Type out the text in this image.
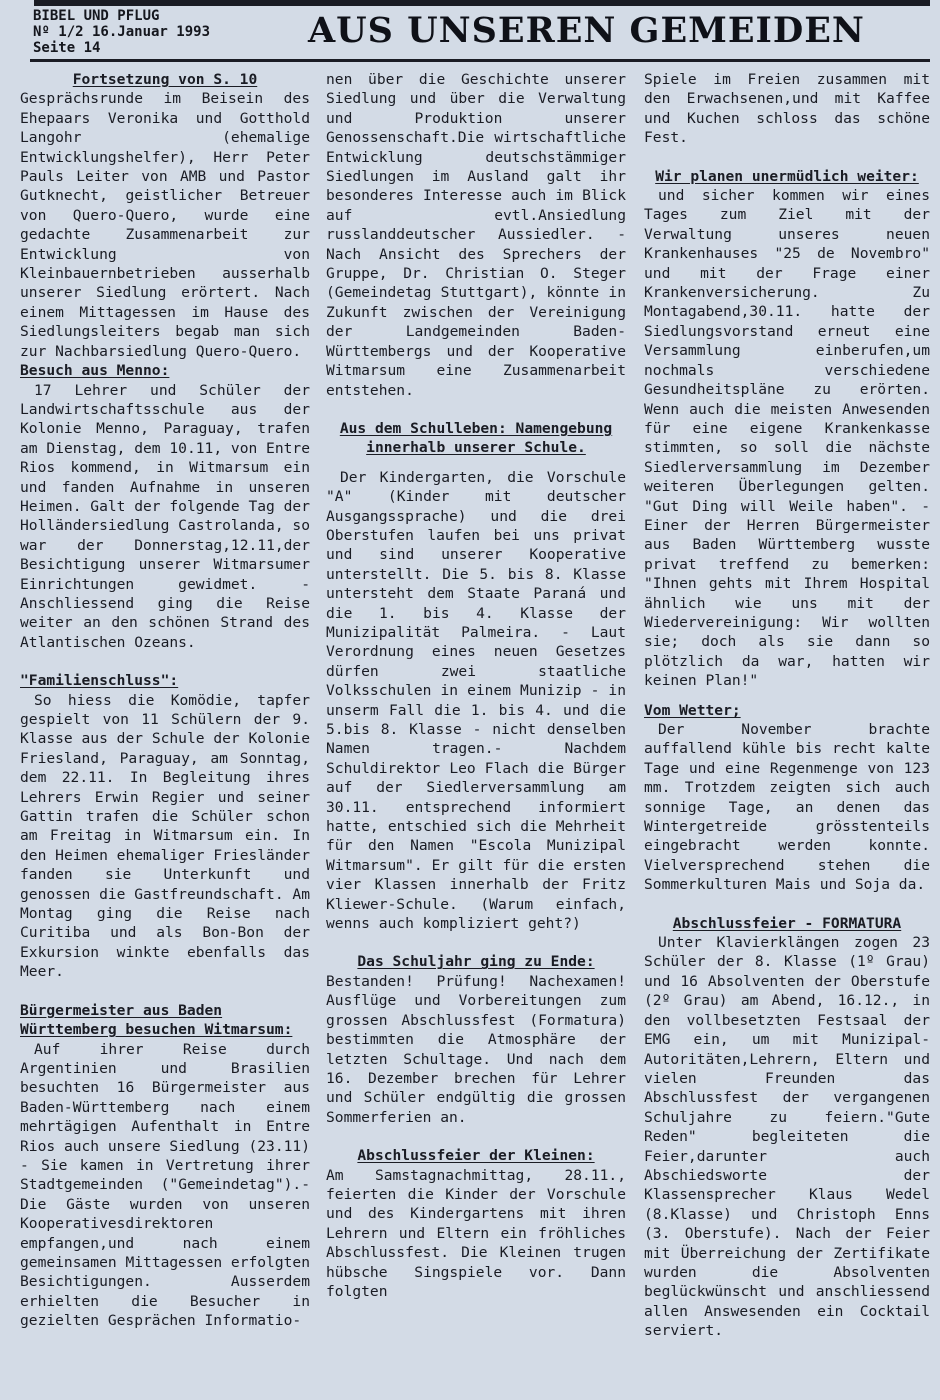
BIBEL UND PFLUG
Nº 1/2 16.Januar 1993
Seite 14	AUS UNSEREN GEMEIDEN
Fortsetzung von S. 10

Gesprächsrunde im Beisein des Ehepaars Veronika und Gotthold Langohr (ehemalige Entwicklungshelfer), Herr Peter Pauls Leiter von AMB und Pastor Gutknecht, geistlicher Betreuer von Quero-Quero, wurde eine gedachte Zusammenarbeit zur Entwicklung von Kleinbauernbetrieben ausserhalb unserer Siedlung erörtert. Nach einem Mittagessen im Hause des Siedlungsleiters begab man sich zur Nachbarsiedlung Quero-Quero.

Besuch aus Menno:

17 Lehrer und Schüler der Landwirtschaftsschule aus der Kolonie Menno, Paraguay, trafen am Dienstag, dem 10.11, von Entre Rios kommend, in Witmarsum ein und fanden Aufnahme in unseren Heimen. Galt der folgende Tag der Holländersiedlung Castrolanda, so war der Donnerstag,12.11,der Besichtigung unserer Witmarsumer Einrichtungen gewidmet. - Anschliessend ging die Reise weiter an den schönen Strand des Atlantischen Ozeans.

"Familienschluss":

So hiess die Komödie, tapfer gespielt von 11 Schülern der 9. Klasse aus der Schule der Kolonie Friesland, Paraguay, am Sonntag, dem 22.11. In Begleitung ihres Lehrers Erwin Regier und seiner Gattin trafen die Schüler schon am Freitag in Witmarsum ein. In den Heimen ehemaliger Friesländer fanden sie Unterkunft und genossen die Gastfreundschaft. Am Montag ging die Reise nach Curitiba und als Bon-Bon der Exkursion winkte ebenfalls das Meer.

Bürgermeister aus Baden Württemberg besuchen Witmarsum:

Auf ihrer Reise durch Argentinien und Brasilien besuchten 16 Bürgermeister aus Baden-Württemberg nach einem mehrtägigen Aufenthalt in Entre Rios auch unsere Siedlung (23.11) - Sie kamen in Vertretung ihrer Stadtgemeinden ("Gemeindetag").- Die Gäste wurden von unseren Kooperativesdirektoren empfangen,und nach einem gemeinsamen Mittagessen erfolgten Besichtigungen. Ausserdem erhielten die Besucher in gezielten Gesprächen Informatio-

nen über die Geschichte unserer Siedlung und über die Verwaltung und Produktion unserer Genossenschaft.Die wirtschaftliche Entwicklung deutschstämmiger Siedlungen im Ausland galt ihr besonderes Interesse auch im Blick auf evtl.Ansiedlung russlanddeutscher Aussiedler. - Nach Ansicht des Sprechers der Gruppe, Dr. Christian O. Steger (Gemeindetag Stuttgart), könnte in Zukunft zwischen der Vereinigung der Landgemeinden Baden-Württembergs und der Kooperative Witmarsum eine Zusammenarbeit entstehen.

Aus dem Schulleben: Namengebung innerhalb unserer Schule.

Der Kindergarten, die Vorschule "A" (Kinder mit deutscher Ausgangssprache) und die drei Oberstufen laufen bei uns privat und sind unserer Kooperative unterstellt. Die 5. bis 8. Klasse untersteht dem Staate Paraná und die 1. bis 4. Klasse der Munizipalität Palmeira. - Laut Verordnung eines neuen Gesetzes dürfen zwei staatliche Volksschulen in einem Munizip - in unserm Fall die 1. bis 4. und die 5.bis 8. Klasse - nicht denselben Namen tragen.- Nachdem Schuldirektor Leo Flach die Bürger auf der Siedlerversammlung am 30.11. entsprechend informiert hatte, entschied sich die Mehrheit für den Namen "Escola Munizipal Witmarsum". Er gilt für die ersten vier Klassen innerhalb der Fritz Kliewer-Schule. (Warum einfach, wenns auch kompliziert geht?)

Das Schuljahr ging zu Ende:

Bestanden! Prüfung! Nachexamen! Ausflüge und Vorbereitungen zum grossen Abschlussfest (Formatura) bestimmten die Atmosphäre der letzten Schultage. Und nach dem 16. Dezember brechen für Lehrer und Schüler endgültig die grossen Sommerferien an.

Abschlussfeier der Kleinen:

Am Samstagnachmittag, 28.11., feierten die Kinder der Vorschule und des Kindergartens mit ihren Lehrern und Eltern ein fröhliches Abschlussfest. Die Kleinen trugen hübsche Singspiele vor. Dann folgten

Spiele im Freien zusammen mit den Erwachsenen,und mit Kaffee und Kuchen schloss das schöne Fest.

Wir planen unermüdlich weiter:

und sicher kommen wir eines Tages zum Ziel mit der Verwaltung unseres neuen Krankenhauses "25 de Novembro" und mit der Frage einer Krankenversicherung. Zu Montagabend,30.11. hatte der Siedlungsvorstand erneut eine Versammlung einberufen,um nochmals verschiedene Gesundheitspläne zu erörten. Wenn auch die meisten Anwesenden für eine eigene Krankenkasse stimmten, so soll die nächste Siedlerversammlung im Dezember weiteren Überlegungen gelten. "Gut Ding will Weile haben". - Einer der Herren Bürgermeister aus Baden Württemberg wusste privat treffend zu bemerken: "Ihnen gehts mit Ihrem Hospital ähnlich wie uns mit der Wiedervereinigung: Wir wollten sie; doch als sie dann so plötzlich da war, hatten wir keinen Plan!"

Vom Wetter;

Der November brachte auffallend kühle bis recht kalte Tage und eine Regenmenge von 123 mm. Trotzdem zeigten sich auch sonnige Tage, an denen das Wintergetreide grösstenteils eingebracht werden konnte. Vielversprechend stehen die Sommerkulturen Mais und Soja da.

Abschlussfeier - FORMATURA

Unter Klavierklängen zogen 23 Schüler der 8. Klasse (1º Grau) und 16 Absolventen der Oberstufe (2º Grau) am Abend, 16.12., in den vollbesetzten Festsaal der EMG ein, um mit Munizipal-Autoritäten,Lehrern, Eltern und vielen Freunden das Abschlussfest der vergangenen Schuljahre zu feiern."Gute Reden" begleiteten die Feier,darunter auch Abschiedsworte der Klassensprecher Klaus Wedel (8.Klasse) und Christoph Enns (3. Oberstufe). Nach der Feier mit Überreichung der Zertifikate wurden die Absolventen beglückwünscht und anschliessend allen Answesenden ein Cocktail serviert.
